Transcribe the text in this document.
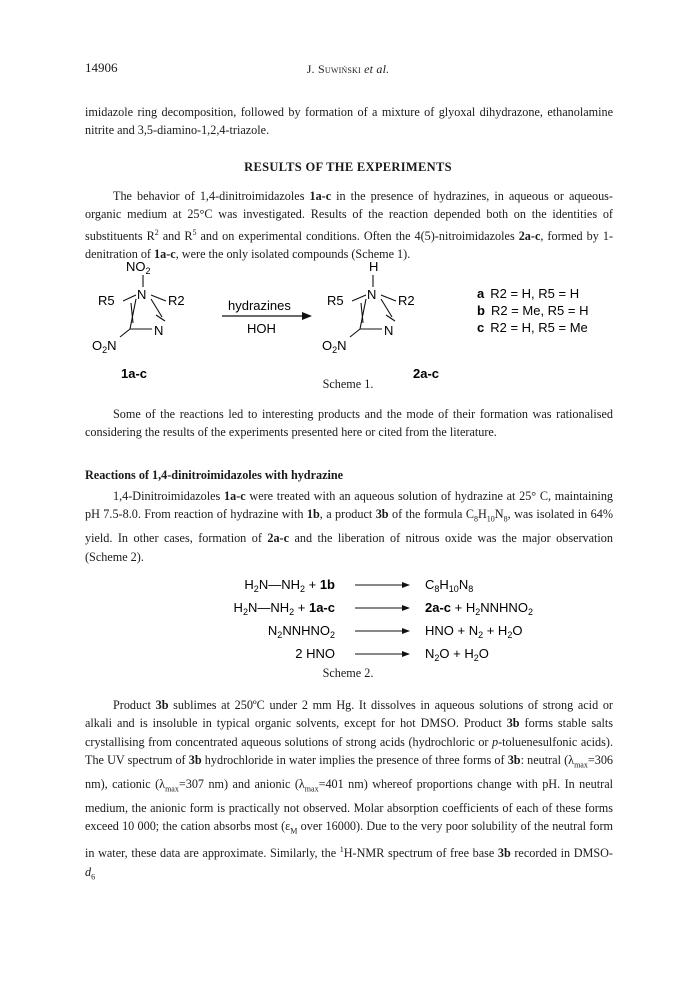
14906	J. Suwiński et al.
imidazole ring decomposition, followed by formation of a mixture of glyoxal dihydrazone, ethanolamine nitrite and 3,5-diamino-1,2,4-triazole.
RESULTS OF THE EXPERIMENTS
The behavior of 1,4-dinitroimidazoles 1a-c in the presence of hydrazines, in aqueous or aqueous-organic medium at 25°C was investigated. Results of the reaction depended both on the identities of substituents $R^2$ and $R^5$ and on experimental conditions. Often the 4(5)-nitroimidazoles 2a-c, formed by 1-denitration of 1a-c, were the only isolated compounds (Scheme 1).
$NO_2$
N
R5	R2
N
$O_2N$
1a-c
hydrazines
HOH
H
N
R5	R2
N
$O_2N$
2a-c
a R2 = H, R5 = H
b R2 = Me, R5 = H
c R2 = H, R5 = Me
Scheme 1.
Some of the reactions led to interesting products and the mode of their formation was rationalised considering the results of the experiments presented here or cited from the literature.
Reactions of 1,4-dinitroimidazoles with hydrazine
1,4-Dinitroimidazoles 1a-c were treated with an aqueous solution of hydrazine at 25° C, maintaining pH 7.5-8.0. From reaction of hydrazine with 1b, a product 3b of the formula $C_8H_{10}N_8$, was isolated in 64% yield. In other cases, formation of 2a-c and the liberation of nitrous oxide was the major observation (Scheme 2).
$H_2N—NH_2 + 1b$	$C_8H_{10}N_8$
$H_2N—NH_2 + 1a-c$	$2a-c + H_2NNHNO_2$
$N_2NNHNO_2$	HNO + $N_2 + H_2O$
2 HNO	$N_2O + H_2O$
Scheme 2.
Product 3b sublimes at 250ºC under 2 mm Hg. It dissolves in aqueous solutions of strong acid or alkali and is insoluble in typical organic solvents, except for hot DMSO. Product 3b forms stable salts crystallising from concentrated aqueous solutions of strong acids (hydrochloric or p-toluenesulfonic acids). The UV spectrum of 3b hydrochloride in water implies the presence of three forms of 3b: neutral ($\lambda_{max}=306$ nm), cationic ($\lambda_{max}=307$ nm) and anionic ($\lambda_{max}=401$ nm) whereof proportions change with pH. In neutral medium, the anionic form is practically not observed. Molar absorption coefficients of each of these forms exceed 10 000; the cation absorbs most ($\varepsilon_M$ over 16000). Due to the very poor solubility of the neutral form in water, these data are approximate. Similarly, the $^1$H-NMR spectrum of free base 3b recorded in DMSO-$d_6$
